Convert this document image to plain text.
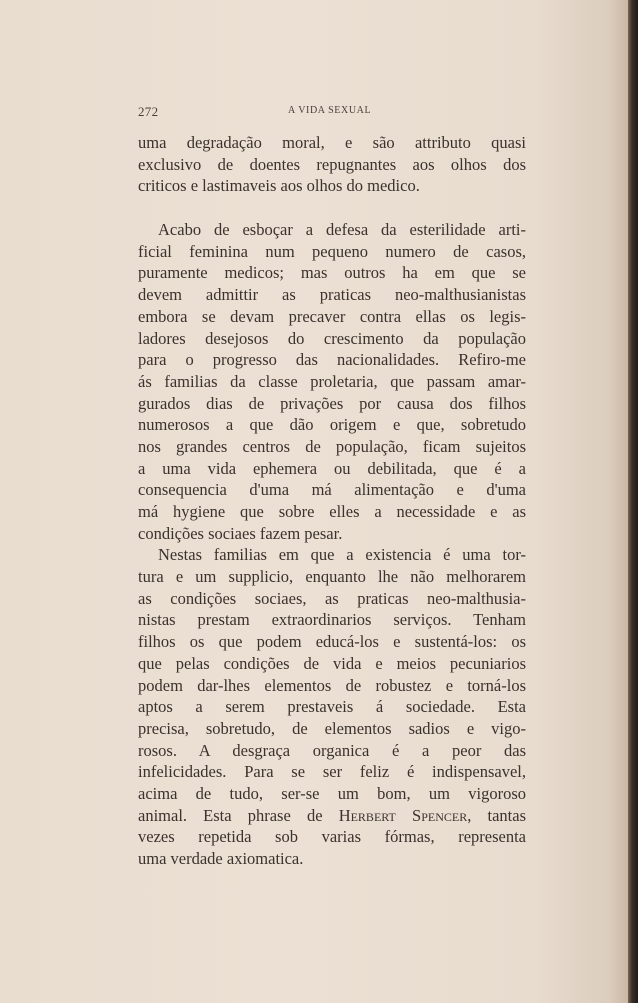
272	A VIDA SEXUAL
uma degradação moral, e são attributo quasi
exclusivo de doentes repugnantes aos olhos dos
criticos e lastimaveis aos olhos do medico.
Acabo de esboçar a defesa da esterilidade arti-
ficial feminina num pequeno numero de casos,
puramente medicos; mas outros ha em que se
devem admittir as praticas neo-malthusianistas
embora se devam precaver contra ellas os legis-
ladores desejosos do crescimento da população
para o progresso das nacionalidades. Refiro-me
ás familias da classe proletaria, que passam amar-
gurados dias de privações por causa dos filhos
numerosos a que dão origem e que, sobretudo
nos grandes centros de população, ficam sujeitos
a uma vida ephemera ou debilitada, que é a
consequencia d'uma má alimentação e d'uma
má hygiene que sobre elles a necessidade e as
condições sociaes fazem pesar.
Nestas familias em que a existencia é uma tor-
tura e um supplicio, enquanto lhe não melhorarem
as condições sociaes, as praticas neo-malthusia-
nistas prestam extraordinarios serviços. Tenham
filhos os que podem educá-los e sustentá-los: os
que pelas condições de vida e meios pecuniarios
podem dar-lhes elementos de robustez e torná-los
aptos a serem prestaveis á sociedade. Esta
precisa, sobretudo, de elementos sadios e vigo-
rosos. A desgraça organica é a peor das
infelicidades. Para se ser feliz é indispensavel,
acima de tudo, ser-se um bom, um vigoroso
animal. Esta phrase de Herbert Spencer, tantas
vezes repetida sob varias fórmas, representa
uma verdade axiomatica.
